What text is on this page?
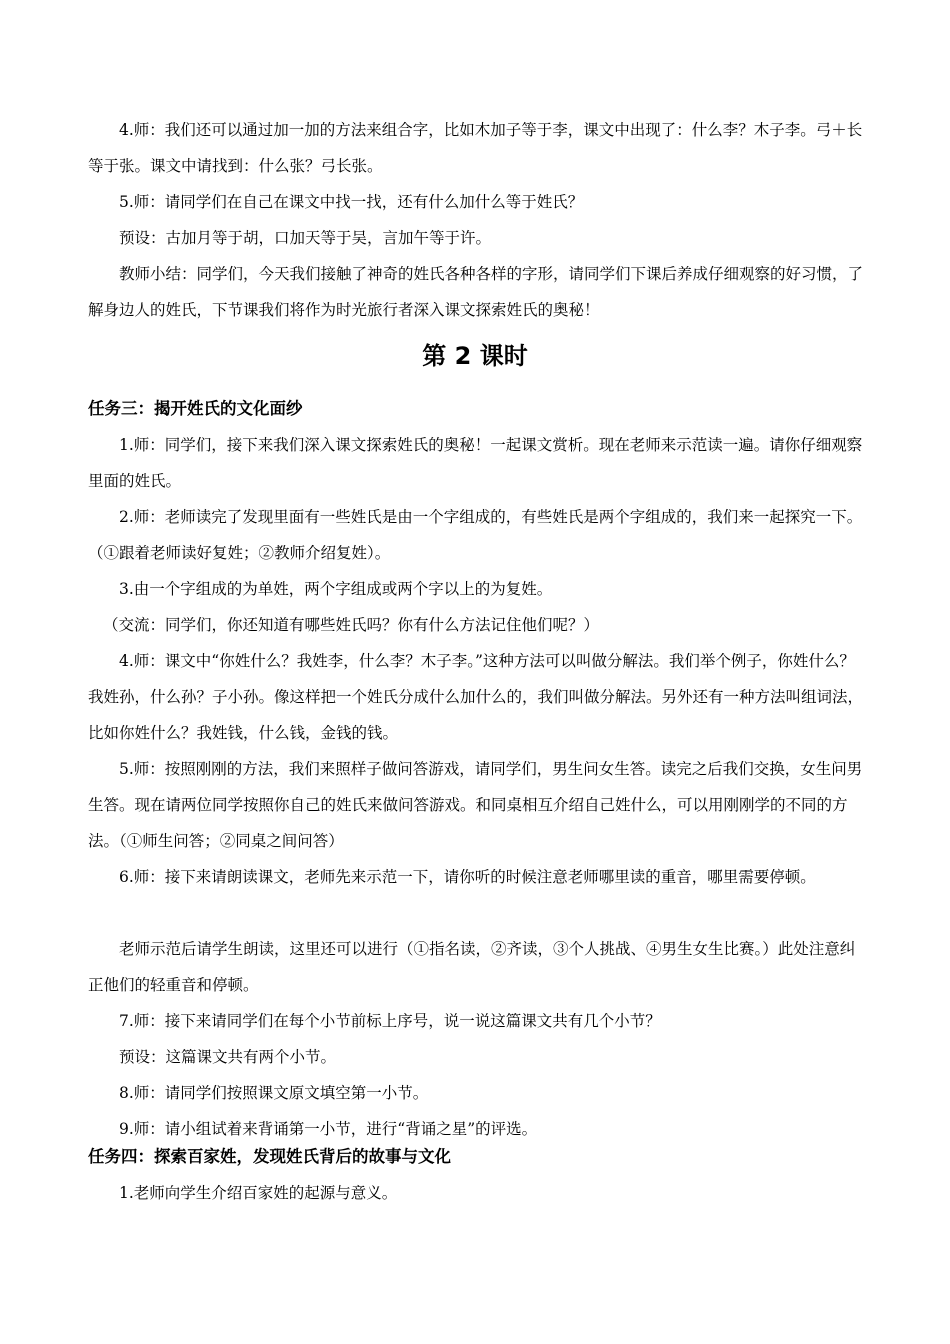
4.师：我们还可以通过加一加的方法来组合字，比如木加子等于李，课文中出现了：什么李？木子李。弓＋长等于张。课文中请找到：什么张？弓长张。

5.师：请同学们在自己在课文中找一找，还有什么加什么等于姓氏？

预设：古加月等于胡，口加天等于吴，言加午等于许。

教师小结：同学们，今天我们接触了神奇的姓氏各种各样的字形，请同学们下课后养成仔细观察的好习惯，了解身边人的姓氏，下节课我们将作为时光旅行者深入课文探索姓氏的奥秘！

第 2 课时
任务三：揭开姓氏的文化面纱

1.师：同学们，接下来我们深入课文探索姓氏的奥秘！一起课文赏析。现在老师来示范读一遍。请你仔细观察里面的姓氏。

2.师：老师读完了发现里面有一些姓氏是由一个字组成的，有些姓氏是两个字组成的，我们来一起探究一下。（①跟着老师读好复姓；②教师介绍复姓）。

3.由一个字组成的为单姓，两个字组成或两个字以上的为复姓。

（交流：同学们，你还知道有哪些姓氏吗？你有什么方法记住他们呢？）

4.师：课文中“你姓什么？我姓李，什么李？木子李。”这种方法可以叫做分解法。我们举个例子，你姓什么？我姓孙，什么孙？子小孙。像这样把一个姓氏分成什么加什么的，我们叫做分解法。另外还有一种方法叫组词法，比如你姓什么？我姓钱，什么钱，金钱的钱。

5.师：按照刚刚的方法，我们来照样子做问答游戏，请同学们，男生问女生答。读完之后我们交换，女生问男生答。现在请两位同学按照你自己的姓氏来做问答游戏。和同桌相互介绍自己姓什么，可以用刚刚学的不同的方法。（①师生问答；②同桌之间问答）

6.师：接下来请朗读课文，老师先来示范一下，请你听的时候注意老师哪里读的重音，哪里需要停顿。

老师示范后请学生朗读，这里还可以进行（①指名读，②齐读，③个人挑战、④男生女生比赛。）此处注意纠正他们的轻重音和停顿。

7.师：接下来请同学们在每个小节前标上序号，说一说这篇课文共有几个小节？

预设：这篇课文共有两个小节。

8.师：请同学们按照课文原文填空第一小节。

9.师：请小组试着来背诵第一小节，进行“背诵之星”的评选。

任务四：探索百家姓，发现姓氏背后的故事与文化

1.老师向学生介绍百家姓的起源与意义。
